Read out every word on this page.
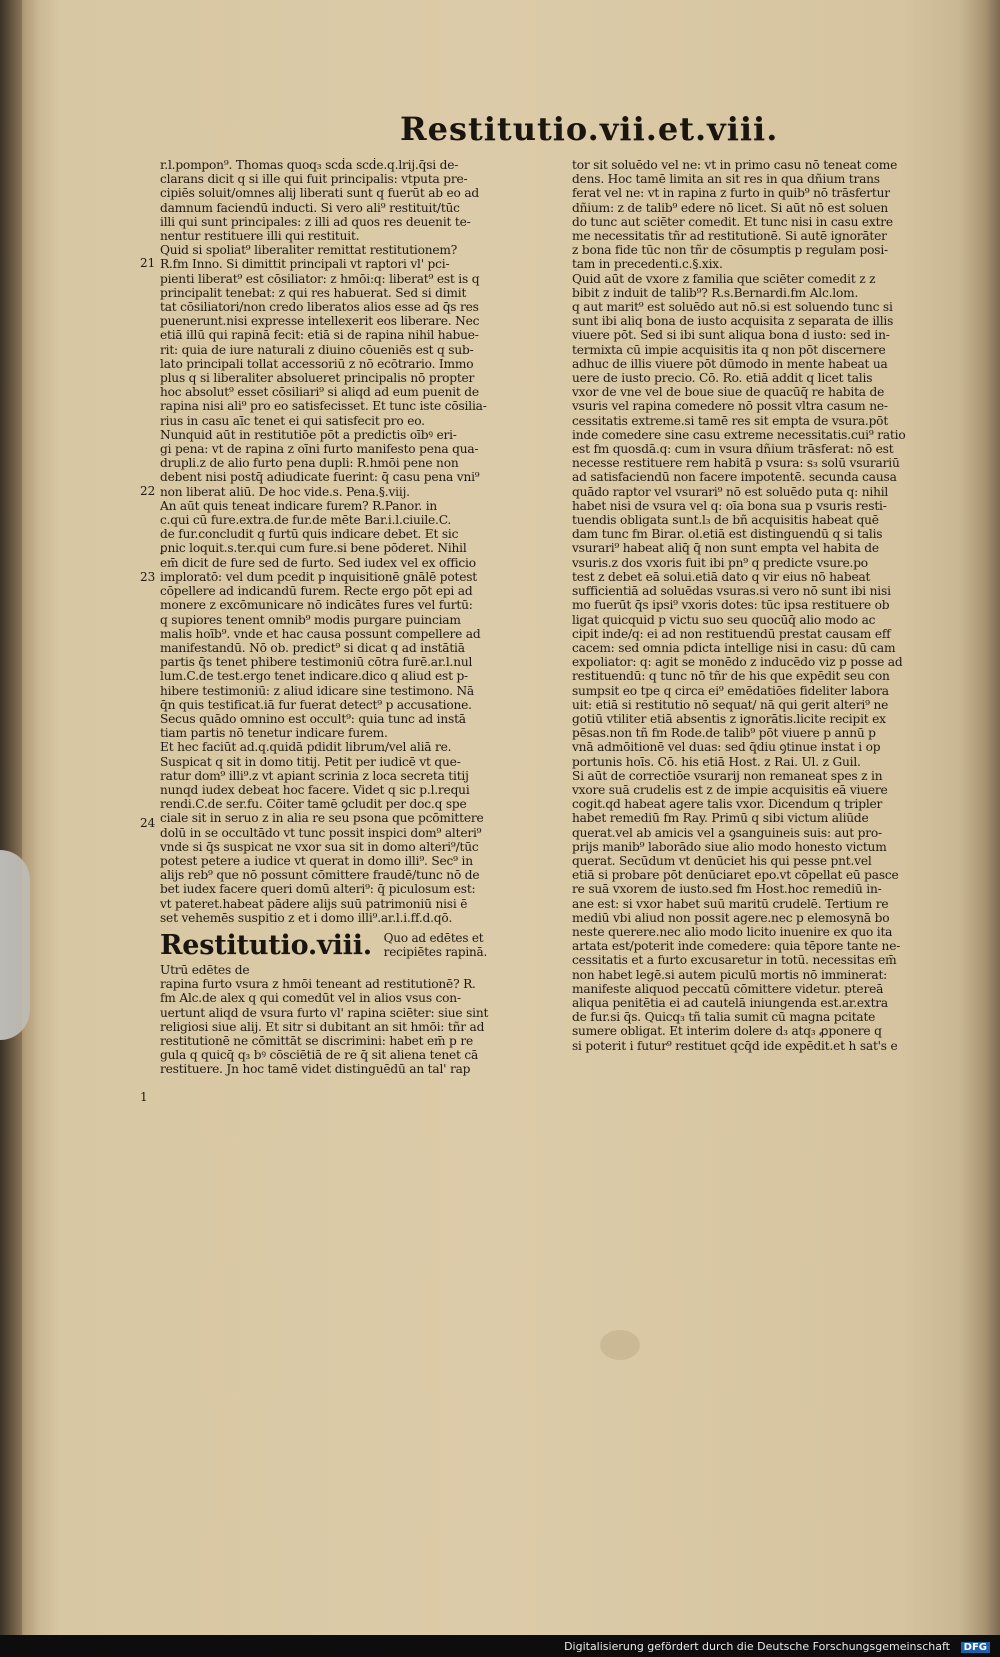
Restitutio.vii.et.viii.
21
22
23
24
1
r.l.pompon⁹. Thomas quoq₃ scḋa scḋe.q.lrij.q̄si de-
clarans dicit q si ille qui fuit principalis: vtputa pre-
cipiēs soluit/omnes alij liberati sunt q fuerūt ab eo ad
damnum faciendū inducti. Si vero ali⁹ restituit/tūc
illi qui sunt principales: z illi ad quos res deuenit te-
nentur restituere illi qui restituit.
Quid si spoliat⁹ liberaliter remittat restitutionem?
R.fm Inno. Si dimittit principali vt raptori vl' pci-
pienti liberat⁹ est cōsiliator: z hmōi:q: liberat⁹ est is q
principalit tenebat: z qui res habuerat. Sed si dimit
tat cōsiliatori/non credo liberatos alios esse ad q̄s res
puenerunt.nisi expresse intellexerit eos liberare. Nec
etiā illū qui rapinā fecit: etiā si de rapina nihil habue-
rit: quia de iure naturali z diuino cōueniēs est q sub-
lato principali tollat accessoriū z nō ecōtrario. Immo
plus q si liberaliter absolueret principalis nō propter
hoc absolut⁹ esset cōsiliari⁹ si aliqd ad eum puenit de
rapina nisi ali⁹ pro eo satisfecisset. Et tunc iste cōsilia-
rius in casu aīc tenet ei qui satisfecit pro eo.
Nunquid aūt in restitutiōe pōt a predictis oībꝰ eri-
gi pena: vt de rapina z oīni furto manifesto pena qua-
drupli.z de alio furto pena dupli: R.hmōi pene non
debent nisi postq̄ adiudicate fuerint: q̄ casu pena vni⁹
non liberat aliū. De hoc vide.s. Pena.§.viij.
An aūt quis teneat indicare furem? R.Panor. in
c.qui cū fure.extra.de fur.de mēte Bar.i.l.ciuile.C.
de fur.concludit q furtū quis indicare debet. Et sic
ꝑnic loquit.s.ter.qui cum fure.si bene pōderet. Nihil
em̄ dicit de fure sed de furto. Sed iudex vel ex officio
imploratō: vel dum pcedit p inquisitionē gnālē potest
cōpellere ad indicandū furem. Recte ergo pōt epi ad
monere z excōmunicare nō indicātes fures vel furtū:
q supiores tenent omnib⁹ modis purgare puinciam
malis hoīb⁹. vnde et hac causa possunt compellere ad
manifestandū. Nō ob. predict⁹ si dicat q ad instātiā
partis q̄s tenet phibere testimoniū cōtra furē.ar.l.nul
lum.C.de test.ergo tenet indicare.dico q aliud est p-
hibere testimoniū: z aliud idicare sine testimono. Nā
q̄n quis testificat.iā fur fuerat detect⁹ p accusatione.
Secus quādo omnino est occult⁹: quia tunc ad instā
tiam partis nō tenetur indicare furem.
Et hec faciūt ad.q.quidā pdidit librum/vel aliā re.
Suspicat q sit in domo titij. Petit per iudicē vt que-
ratur dom⁹ illi⁹.z vt apiant scrinia z loca secreta titij
nunqd iudex debeat hoc facere. Videt q sic p.l.requi
rendi.C.de ser.fu. Cōiter tamē ꝯcludit per doc.q spe
ciale sit in seruo z in alia re seu psona que pcōmittere
dolū in se occultādo vt tunc possit inspici dom⁹ alteri⁹
vnde si q̄s suspicat ne vxor sua sit in domo alteri⁹/tūc
potest petere a iudice vt querat in domo illi⁹. Sec⁹ in
alijs reb⁹ que nō possunt cōmittere fraudē/tunc nō de
bet iudex facere queri domū alteri⁹: q̄ piculosum est:
vt pateret.habeat pādere alijs suū patrimoniū nisi ē
set vehemēs suspitio z et i domo illi⁹.ar.l.i.ff.d.qō.
Restitutio.viii. Quo ad edētes et
recipiētes rapinā.
Utrū edētes de
rapina furto vsura z hmōi teneant ad restitutionē? R.
fm Alc.de alex q qui comedūt vel in alios vsus con-
uertunt aliqd de vsura furto vl' rapina sciēter: siue sint
religiosi siue alij. Et sitr si dubitant an sit hmōi: tñr ad
restitutionē ne cōmittāt se discrimini: habet em̄ p re
gula q quicq̄ q₃ bꝰ cōsciētiā de re q̄ sit aliena tenet cā
restituere. Jn hoc tamē videt distinguēdū an tal' rap
tor sit soluēdo vel ne: vt in primo casu nō teneat come
dens. Hoc tamē limita an sit res in qua dñium trans
ferat vel ne: vt in rapina z furto in quib⁹ nō trāsfertur
dñium: z de talib⁹ edere nō licet. Si aūt nō est soluen
do tunc aut sciēter comedit. Et tunc nisi in casu extre
me necessitatis tñr ad restitutionē. Si autē ignorāter
z bona fide tūc non tñr de cōsumptis p regulam posi-
tam in precedenti.c.§.xix.
Quid aūt de vxore z familia que sciēter comedit z z
bibit z induit de talib⁹? R.s.Bernardi.fm Alc.lom.
q aut marit⁹ est soluēdo aut nō.si est soluendo tunc si
sunt ibi aliq bona de iusto acquisita z separata de illis
viuere pōt. Sed si ibi sunt aliqua bona d iusto: sed in-
termixta cū impie acquisitis ita q non pōt discernere
adhuc de illis viuere pōt dūmodo in mente habeat ua
uere de iusto precio. Cō. Ro. etiā addit q licet talis
vxor de vne vel de boue siue de quacūq̄ re habita de
vsuris vel rapina comedere nō possit vltra casum ne-
cessitatis extreme.si tamē res sit empta de vsura.pōt
inde comedere sine casu extreme necessitatis.cui⁹ ratio
est fm quosdā.q: cum in vsura dñium trāsferat: nō est
necesse restituere rem habitā p vsura: s₃ solū vsurariū
ad satisfaciendū non facere impotentē. secunda causa
quādo raptor vel vsurari⁹ nō est soluēdo puta q: nihil
habet nisi de vsura vel q: oīa bona sua p vsuris resti-
tuendis obligata sunt.l₃ de bñ acquisitis habeat quē
dam tunc fm Birar. ol.etiā est distinguendū q si talis
vsurari⁹ habeat aliq̄ q̄ non sunt empta vel habita de
vsuris.z dos vxoris fuit ibi pn⁹ q predicte vsure.po
test z debet eā solui.etiā dato q vir eius nō habeat
sufficientiā ad soluēdas vsuras.si vero nō sunt ibi nisi
mo fuerūt q̄s ipsi⁹ vxoris dotes: tūc ipsa restituere ob
ligat quicquid p victu suo seu quocūq̄ alio modo ac
cipit inde/q: ei ad non restituendū prestat causam eff
cacem: sed omnia pdicta intellige nisi in casu: dū cam
expoliator: q: agit se monēdo z inducēdo viz p posse ad
restituendū: q tunc nō tñr de his que expēdit seu con
sumpsit eo tpe q circa ei⁹ emēdatiōes fideliter labora
uit: etiā si restitutio nō sequat/ nā qui gerit alteri⁹ ne
gotiū vtiliter etiā absentis z ignorātis.licite recipit ex
pēsas.non tñ fm Rode.de talib⁹ pōt viuere p annū p
vnā admōitionē vel duas: sed q̄diu ꝯtinue instat i op
portunis hoīs. Cō. his etiā Host. z Rai. Ul. z Guil.
Si aūt de correctiōe vsurarij non remaneat spes z in
vxore suā crudelis est z de impie acquisitis eā viuere
cogit.qd habeat agere talis vxor. Dicendum q tripler
habet remediū fm Ray. Primū q sibi victum aliūde
querat.vel ab amicis vel a ꝯsanguineis suis: aut pro-
prijs manib⁹ laborādo siue alio modo honesto victum
querat. Secūdum vt denūciet his qui pesse pnt.vel
etiā si probare pōt denūciaret epo.vt cōpellat eū pasce
re suā vxorem de iusto.sed fm Host.hoc remediū in-
ane est: si vxor habet suū maritū crudelē. Tertium re
mediū vbi aliud non possit agere.nec p elemosynā bo
neste querere.nec alio modo licito inuenire ex quo ita
artata est/poterit inde comedere: quia tēpore tante ne-
cessitatis et a furto excusaretur in totū. necessitas em̄
non habet legē.si autem piculū mortis nō imminerat:
manifeste aliquod peccatū cōmittere videtur. ptereā
aliqua penitētia ei ad cautelā iniungenda est.ar.extra
de fur.si q̄s. Quicq₃ tñ talia sumit cū magna pcitate
sumere obligat. Et interim dolere d₃ atq₃ ꝓponere q
si poterit i futur⁹ restituet qcq̄d ide expēdit.et h sat's e
Digitalisierung gefördert durch die Deutsche Forschungsgemeinschaft	DFG
